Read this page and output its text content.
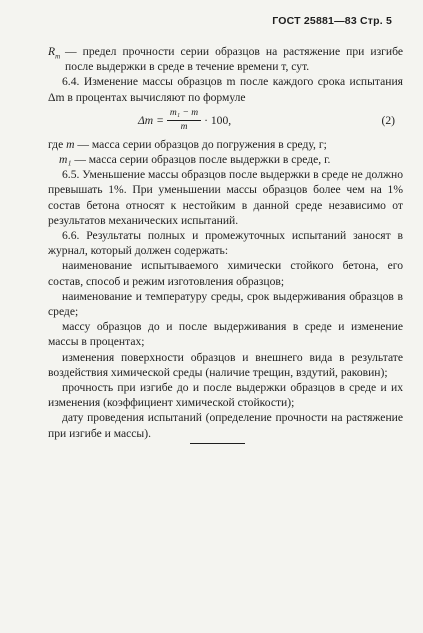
ГОСТ 25881—83 Стр. 5
$R_т$ — предел прочности серии образцов на растяжение при изгибе после выдержки в среде в течение времени т, сут.

6.4. Изменение массы образцов m после каждого срока испытания Δm в процентах вычисляют по формуле

$\Delta m = \frac{\text{m₁ − m}}{m} \cdot 100$,	(2)
где
m
— масса серии образцов до погружения в среду, г;
m₁
— масса серии образцов после выдержки в среде, г.

6.5. Уменьшение массы образцов после выдержки в среде не должно превышать 1%. При уменьшении массы образцов более чем на 1% состав бетона относят к нестойким в данной среде независимо от результатов механических испытаний.

6.6. Результаты полных и промежуточных испытаний заносят в журнал, который должен содержать:

наименование испытываемого химически стойкого бетона, его состав, способ и режим изготовления образцов;

наименование и температуру среды, срок выдерживания образцов в среде;

массу образцов до и после выдерживания в среде и изменение массы в процентах;

изменения поверхности образцов и внешнего вида в результате воздействия химической среды (наличие трещин, вздутий, раковин);

прочность при изгибе до и после выдержки образцов в среде и их изменения (коэффициент химической стойкости);

дату проведения испытаний (определение прочности на растяжение при изгибе и массы).
